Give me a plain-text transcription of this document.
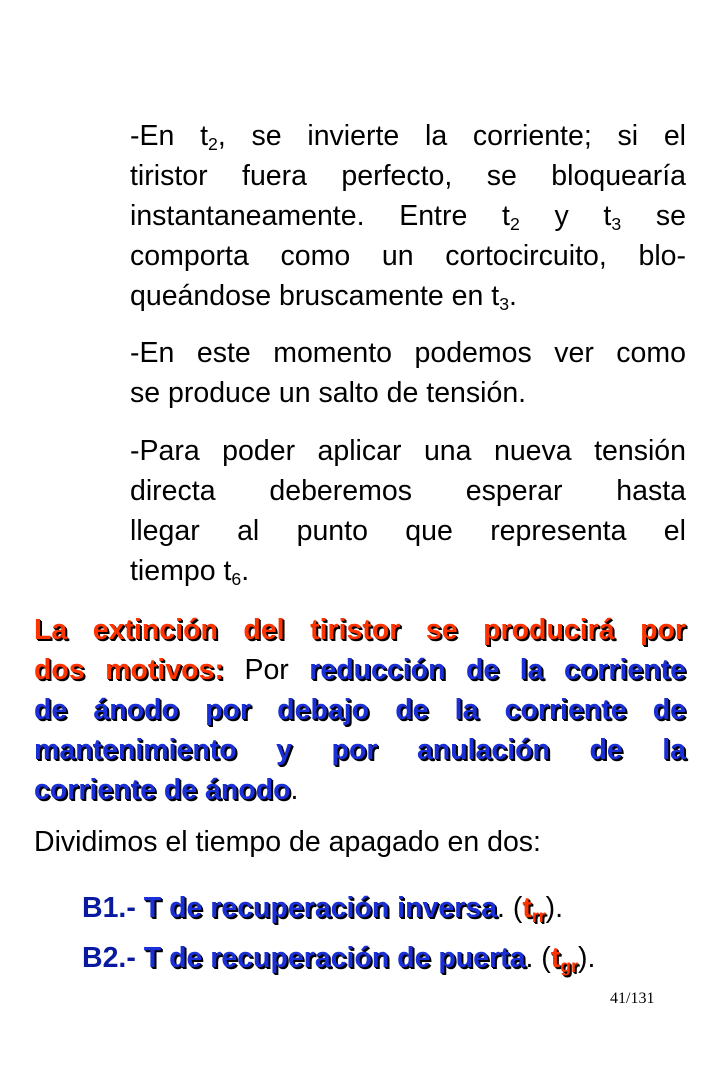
-En $t_2$, se invierte la corriente; si el
tiristor fuera perfecto, se bloquearía
instantaneamente. Entre $t_2$ y $t_3$ se
comporta como un cortocircuito, blo-
queándose bruscamente en $t_3$.
-En este momento podemos ver como
se produce un salto de tensión.
-Para poder aplicar una nueva tensión
directa deberemos esperar hasta
llegar al punto que representa el
tiempo $t_6$.
La extinción del tiristor se producirá por
dos motivos: Por reducción de la corriente
de ánodo por debajo de la corriente de
mantenimiento y por anulación de la
corriente de ánodo.
Dividimos el tiempo de apagado en dos:
B1.- T de recuperación inversa. $(t_{rr})$.
B2.- T de recuperación de puerta. $(t_{gr})$.
41/131
